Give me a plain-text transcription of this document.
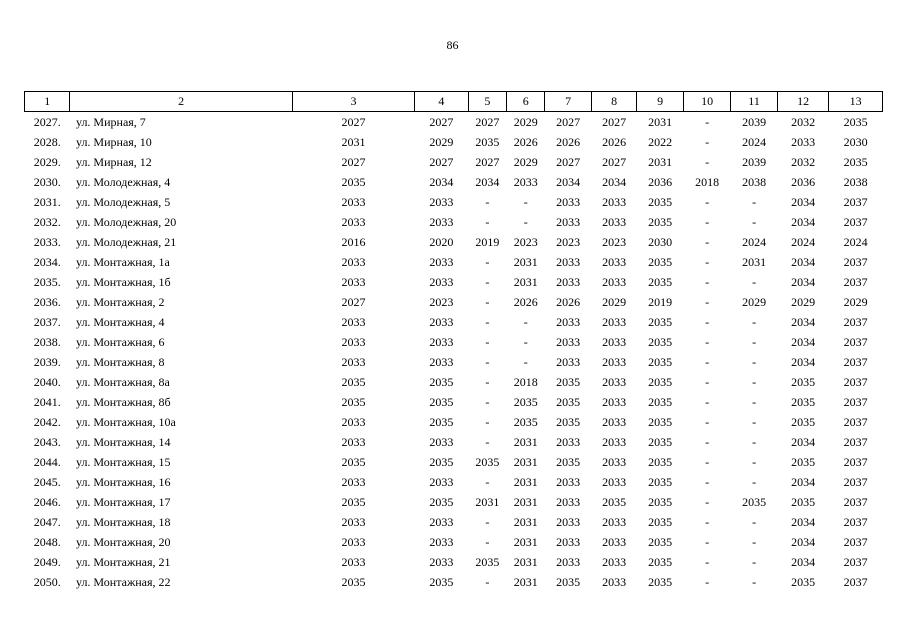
86
1	2	3	4	5	6	7	8	9	10	11	12	13
2027.	ул. Мирная, 7	2027	2027	2027	2029	2027	2027	2031	-	2039	2032	2035
2028.	ул. Мирная, 10	2031	2029	2035	2026	2026	2026	2022	-	2024	2033	2030
2029.	ул. Мирная, 12	2027	2027	2027	2029	2027	2027	2031	-	2039	2032	2035
2030.	ул. Молодежная, 4	2035	2034	2034	2033	2034	2034	2036	2018	2038	2036	2038
2031.	ул. Молодежная, 5	2033	2033	-	-	2033	2033	2035	-	-	2034	2037
2032.	ул. Молодежная, 20	2033	2033	-	-	2033	2033	2035	-	-	2034	2037
2033.	ул. Молодежная, 21	2016	2020	2019	2023	2023	2023	2030	-	2024	2024	2024
2034.	ул. Монтажная, 1а	2033	2033	-	2031	2033	2033	2035	-	2031	2034	2037
2035.	ул. Монтажная, 1б	2033	2033	-	2031	2033	2033	2035	-	-	2034	2037
2036.	ул. Монтажная, 2	2027	2023	-	2026	2026	2029	2019	-	2029	2029	2029
2037.	ул. Монтажная, 4	2033	2033	-	-	2033	2033	2035	-	-	2034	2037
2038.	ул. Монтажная, 6	2033	2033	-	-	2033	2033	2035	-	-	2034	2037
2039.	ул. Монтажная, 8	2033	2033	-	-	2033	2033	2035	-	-	2034	2037
2040.	ул. Монтажная, 8а	2035	2035	-	2018	2035	2033	2035	-	-	2035	2037
2041.	ул. Монтажная, 8б	2035	2035	-	2035	2035	2033	2035	-	-	2035	2037
2042.	ул. Монтажная, 10а	2033	2035	-	2035	2035	2033	2035	-	-	2035	2037
2043.	ул. Монтажная, 14	2033	2033	-	2031	2033	2033	2035	-	-	2034	2037
2044.	ул. Монтажная, 15	2035	2035	2035	2031	2035	2033	2035	-	-	2035	2037
2045.	ул. Монтажная, 16	2033	2033	-	2031	2033	2033	2035	-	-	2034	2037
2046.	ул. Монтажная, 17	2035	2035	2031	2031	2033	2035	2035	-	2035	2035	2037
2047.	ул. Монтажная, 18	2033	2033	-	2031	2033	2033	2035	-	-	2034	2037
2048.	ул. Монтажная, 20	2033	2033	-	2031	2033	2033	2035	-	-	2034	2037
2049.	ул. Монтажная, 21	2033	2033	2035	2031	2033	2033	2035	-	-	2034	2037
2050.	ул. Монтажная, 22	2035	2035	-	2031	2035	2033	2035	-	-	2035	2037
